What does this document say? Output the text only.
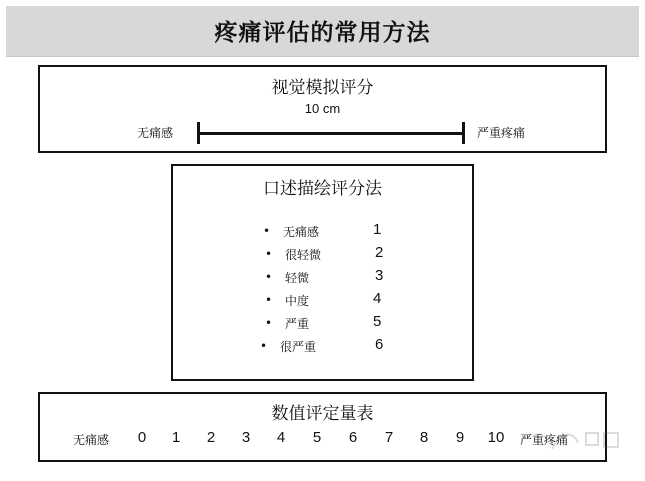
疼痛评估的常用方法
视觉模拟评分
10 cm
无痛感	严重疼痛
口述描绘评分法
• 无痛感	1
• 很轻微	2
• 轻微	3
• 中度	4
• 严重	5
• 很严重	6
数值评定量表
无痛感	0	1	2	3	4	5	6	7	8	9	10 严重疼痛
